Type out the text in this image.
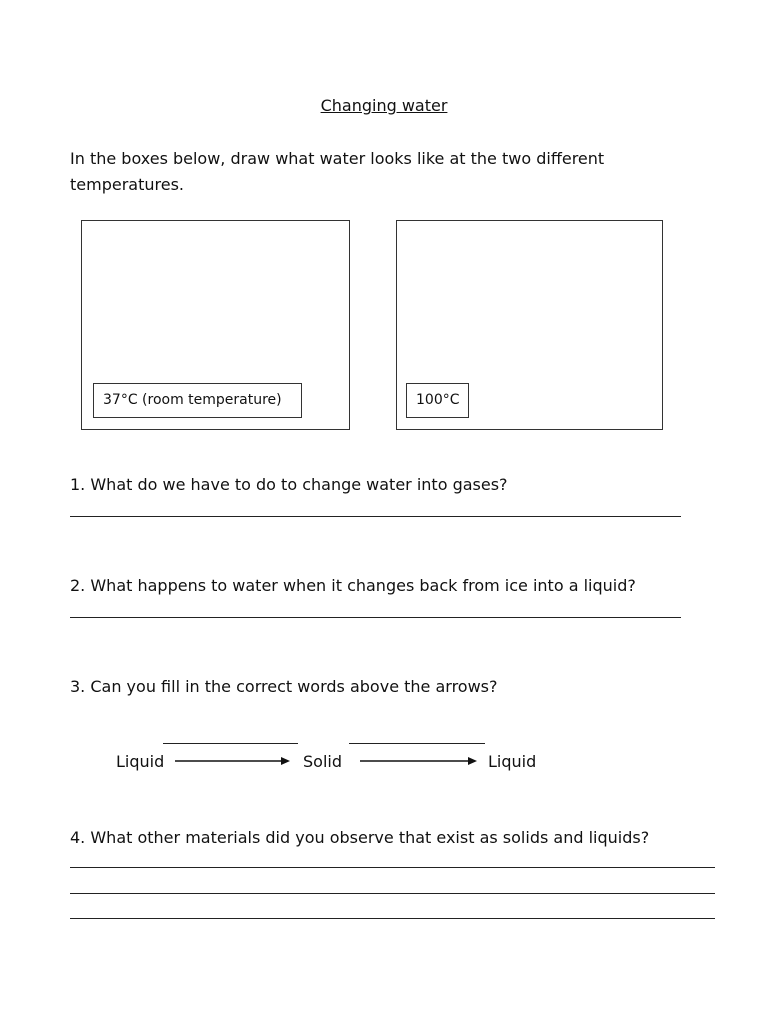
Changing water
In the boxes below, draw what water looks like at the two different temperatures.
37°C (room temperature)	100°C
1. What do we have to do to change water into gases?
2. What happens to water when it changes back from ice into a liquid?
3. Can you fill in the correct words above the arrows?
Liquid	Solid	Liquid
4. What other materials did you observe that exist as solids and liquids?
